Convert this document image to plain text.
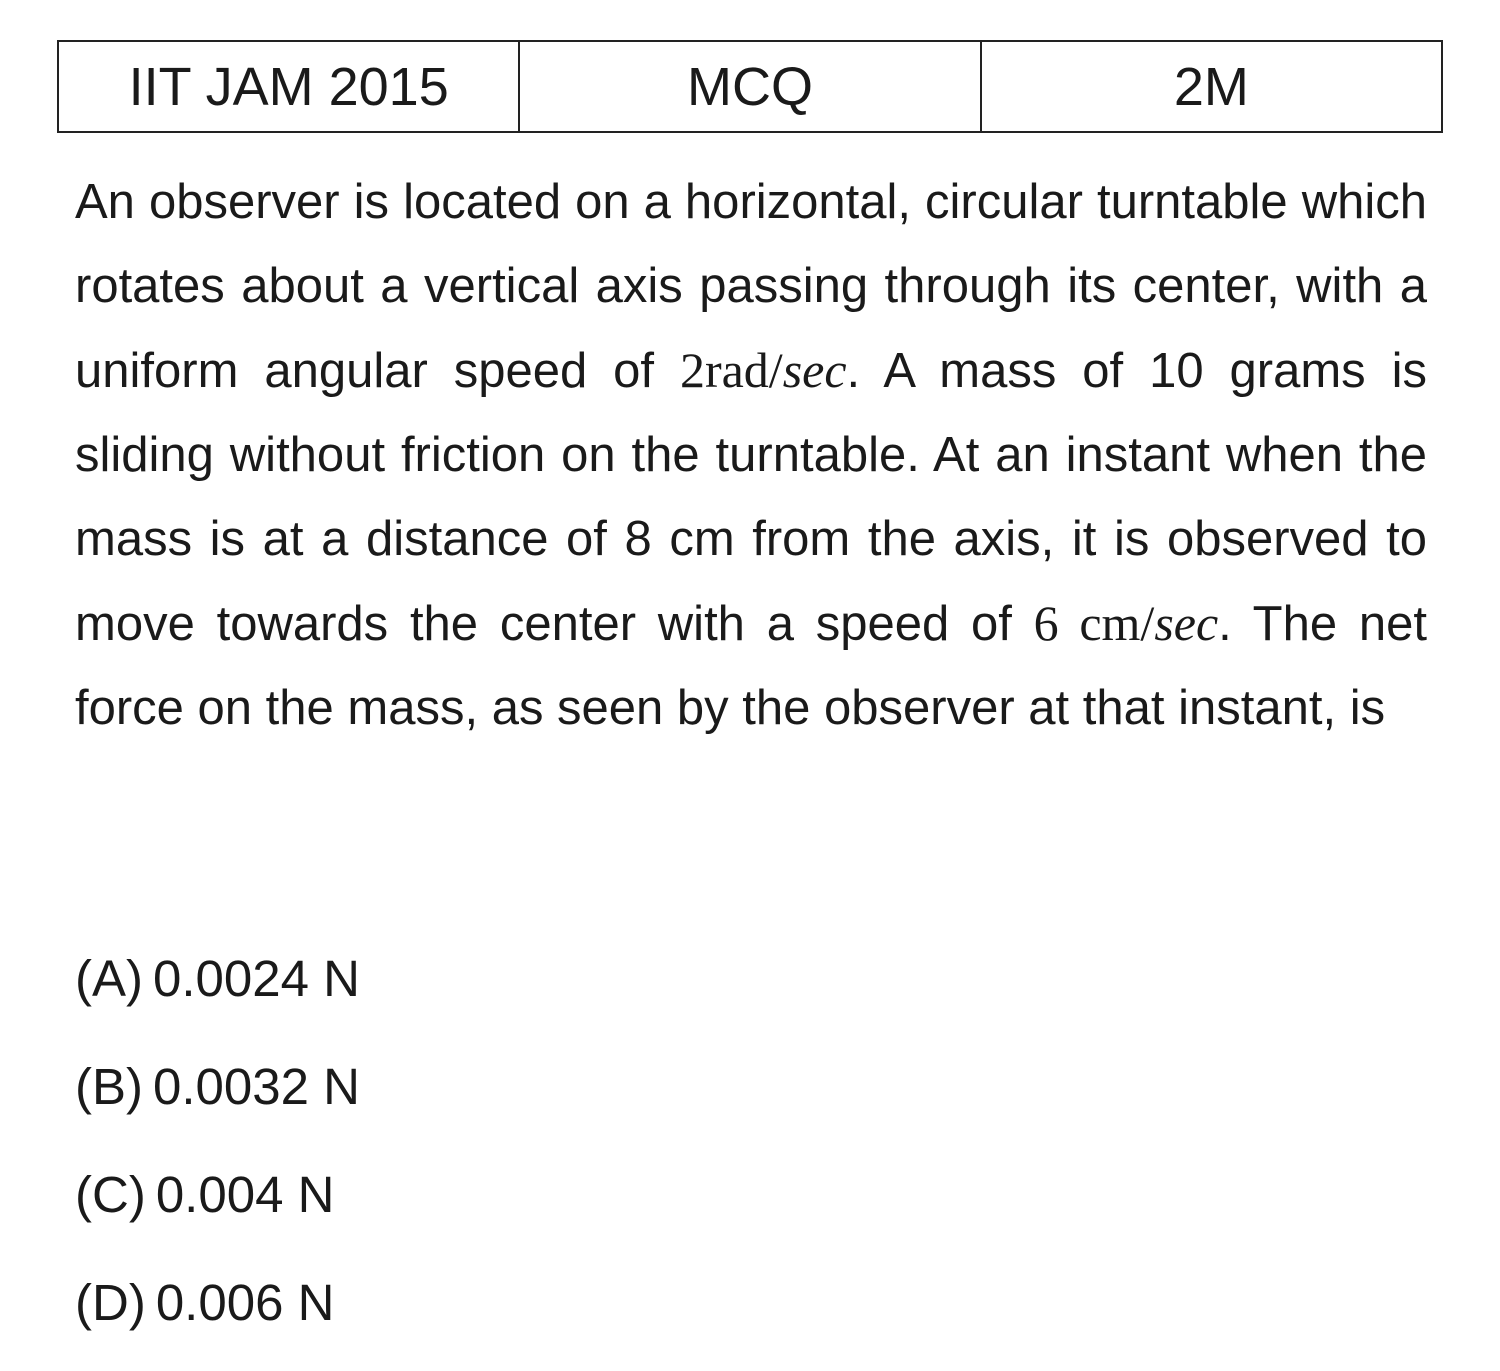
IIT JAM 2015	MCQ	2M

An observer is located on a horizontal, circular turntable which rotates about a vertical axis passing through its center, with a uniform angular speed of 2rad/sec. A mass of 10 grams is sliding without friction on the turntable. At an instant when the mass is at a distance of 8 cm from the axis, it is observed to move towards the center with a speed of 6 cm/sec. The net force on the mass, as seen by the observer at that instant, is

(A) 0.0024 N
(B) 0.0032 N
(C) 0.004 N
(D) 0.006 N
